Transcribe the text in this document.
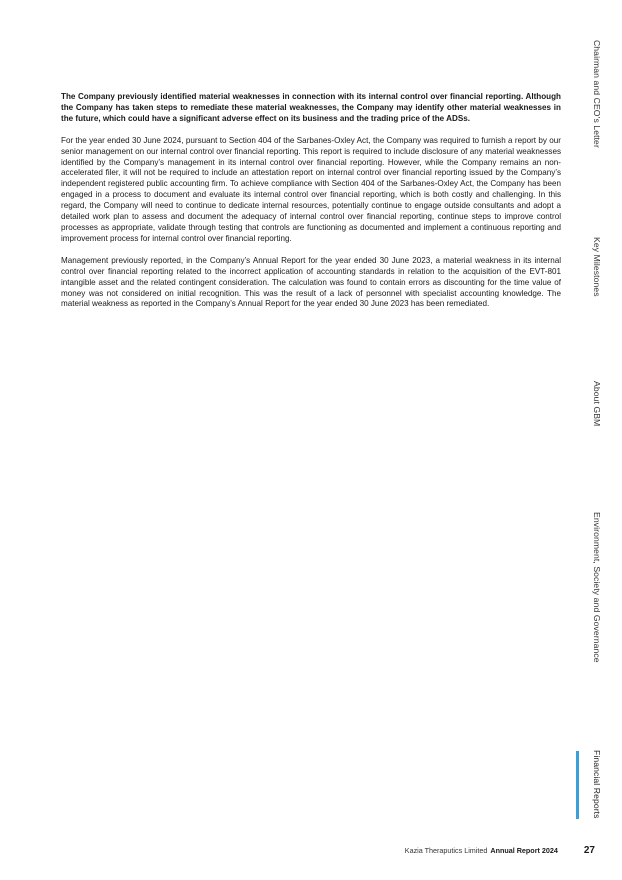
The Company previously identified material weaknesses in connection with its internal control over financial reporting. Although the Company has taken steps to remediate these material weaknesses, the Company may identify other material weaknesses in the future, which could have a significant adverse effect on its business and the trading price of the ADSs.

For the year ended 30 June 2024, pursuant to Section 404 of the Sarbanes-Oxley Act, the Company was required to furnish a report by our senior management on our internal control over financial reporting. This report is required to include disclosure of any material weaknesses identified by the Company’s management in its internal control over financial reporting. However, while the Company remains an non-accelerated filer, it will not be required to include an attestation report on internal control over financial reporting issued by the Company’s independent registered public accounting firm. To achieve compliance with Section 404 of the Sarbanes-Oxley Act, the Company has been engaged in a process to document and evaluate its internal control over financial reporting, which is both costly and challenging. In this regard, the Company will need to continue to dedicate internal resources, potentially continue to engage outside consultants and adopt a detailed work plan to assess and document the adequacy of internal control over financial reporting, continue steps to improve control processes as appropriate, validate through testing that controls are functioning as documented and implement a continuous reporting and improvement process for internal control over financial reporting.

Management previously reported, in the Company’s Annual Report for the year ended 30 June 2023, a material weakness in its internal control over financial reporting related to the incorrect application of accounting standards in relation to the acquisition of the EVT-801 intangible asset and the related contingent consideration. The calculation was found to contain errors as discounting for the time value of money was not considered on initial recognition. This was the result of a lack of personnel with specialist accounting knowledge. The material weakness as reported in the Company’s Annual Report for the year ended 30 June 2023 has been remediated.

Chairman and CEO’s Letter
Key Milestones
About GBM
Environment, Society and Governance
Financial Reports
Kazia Theraputics Limited Annual Report 2024	27
